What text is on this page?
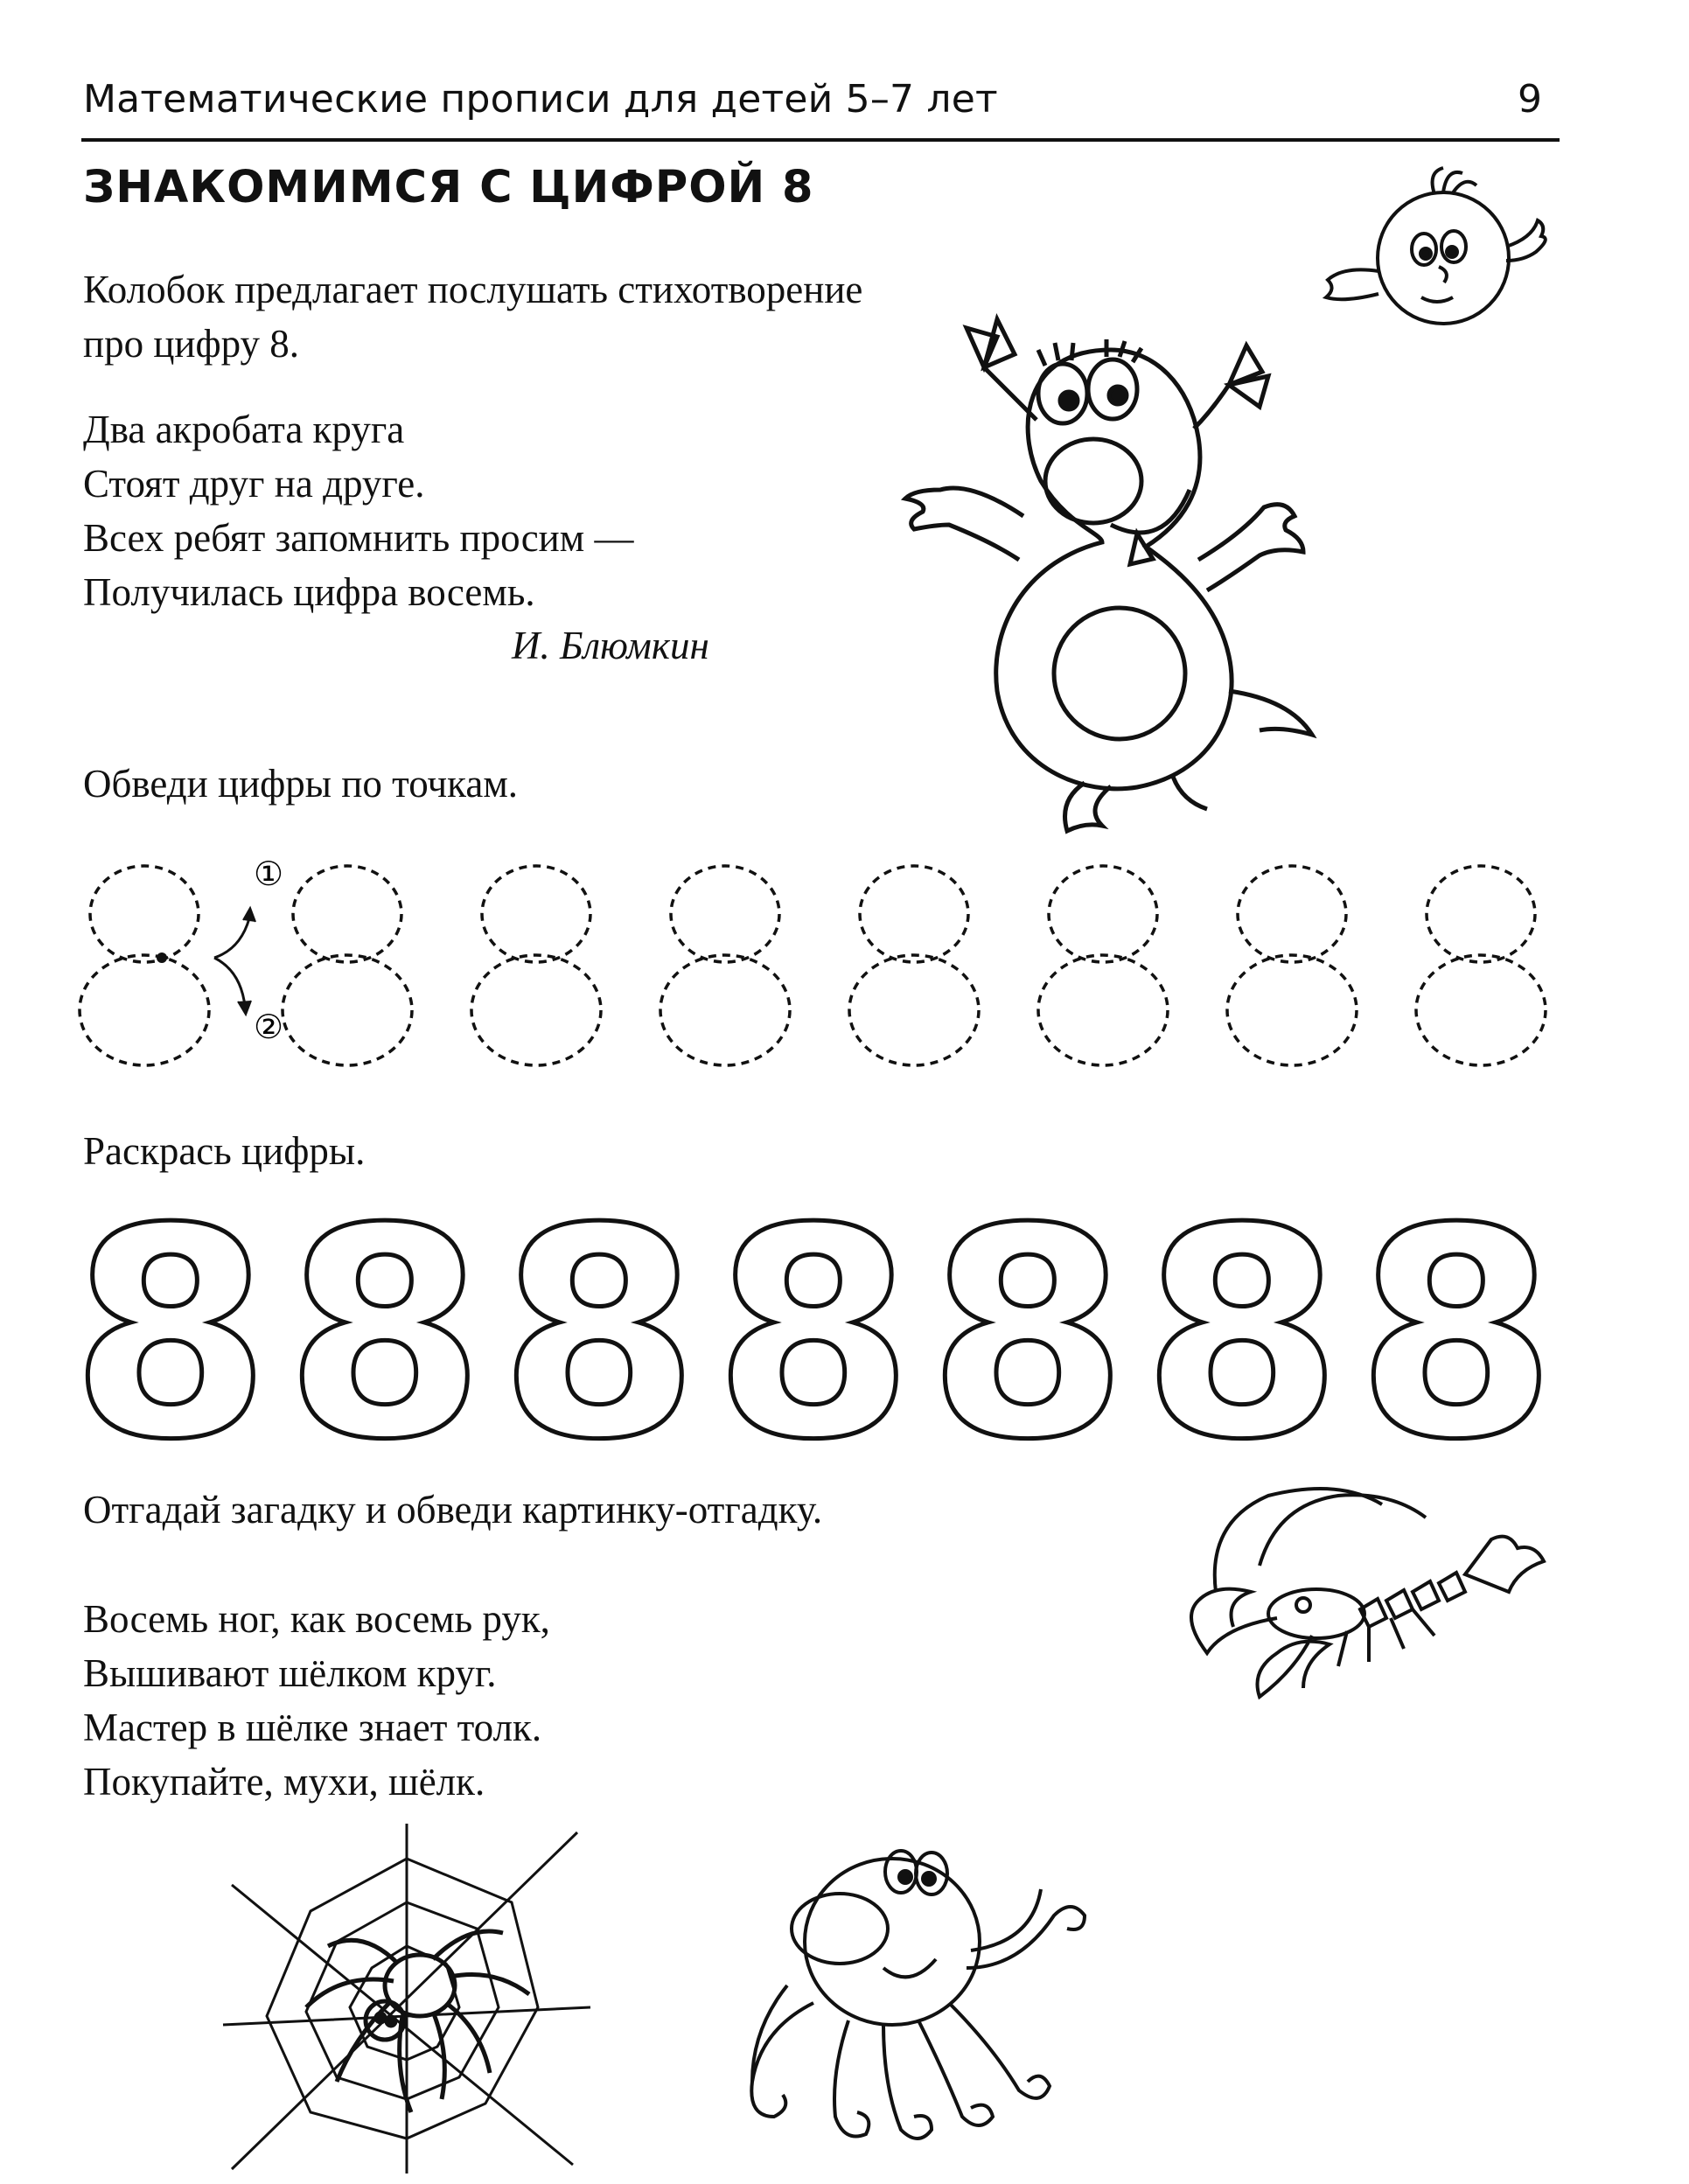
Математические прописи для детей 5–7 лет	9
ЗНАКОМИМСЯ С ЦИФРОЙ 8
Колобок предлагает послушать стихотворение
про цифру 8.
Два акробата круга
Стоят друг на друге.
Всех ребят запомнить просим —
Получилась цифра восемь.
И. Блюмкин
Обведи цифры по точкам.
①
②
Раскрась цифры.
8 8 8 8 8 8 8
Отгадай загадку и обведи картинку-отгадку.
Восемь ног, как восемь рук,
Вышивают шёлком круг.
Мастер в шёлке знает толк.
Покупайте, мухи, шёлк.
